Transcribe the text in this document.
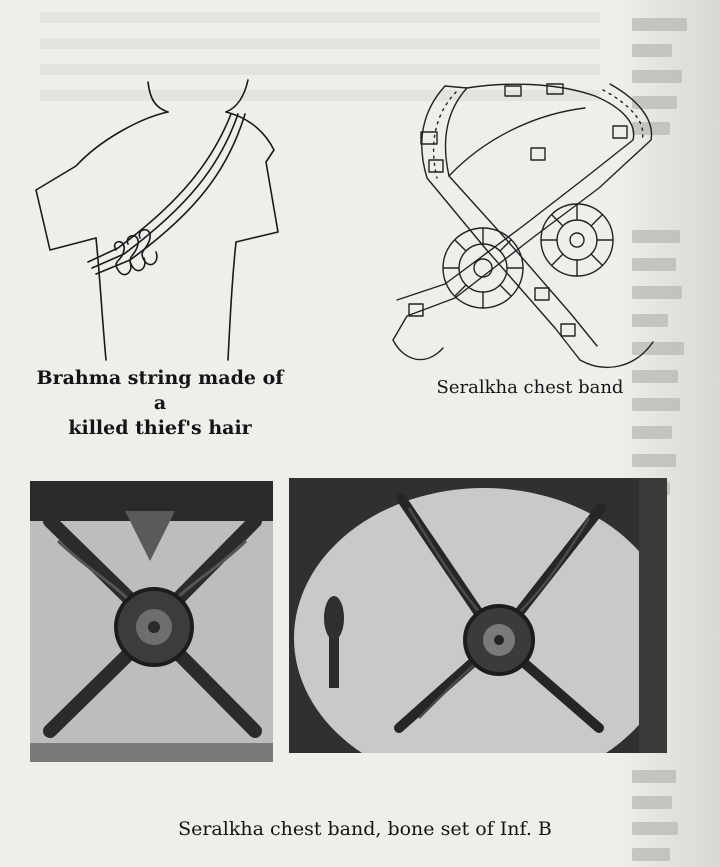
Brahma string made of a
killed thief's hair
Seralkha chest band
Seralkha chest band, bone set of Inf. B
